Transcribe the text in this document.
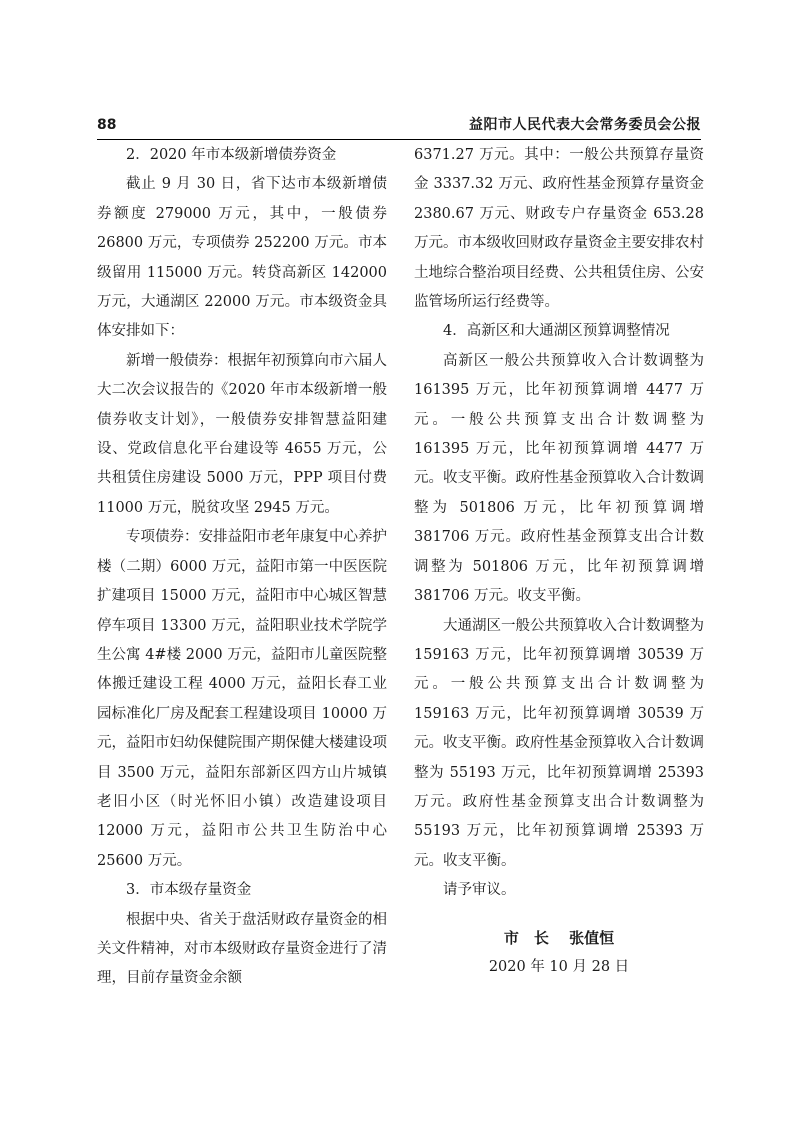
88	益阳市人民代表大会常务委员会公报

2．2020 年市本级新增债券资金

截止 9 月 30 日，省下达市本级新增债券额度 279000 万元，其中，一般债券 26800 万元，专项债券 252200 万元。市本级留用 115000 万元。转贷高新区 142000 万元，大通湖区 22000 万元。市本级资金具体安排如下：

新增一般债券：根据年初预算向市六届人大二次会议报告的《2020 年市本级新增一般债券收支计划》，一般债券安排智慧益阳建设、党政信息化平台建设等 4655 万元，公共租赁住房建设 5000 万元，PPP 项目付费 11000 万元，脱贫攻坚 2945 万元。

专项债券：安排益阳市老年康复中心养护楼（二期）6000 万元，益阳市第一中医医院扩建项目 15000 万元，益阳市中心城区智慧停车项目 13300 万元，益阳职业技术学院学生公寓 4#楼 2000 万元，益阳市儿童医院整体搬迁建设工程 4000 万元，益阳长春工业园标准化厂房及配套工程建设项目 10000 万元，益阳市妇幼保健院围产期保健大楼建设项目 3500 万元，益阳东部新区四方山片城镇老旧小区（时光怀旧小镇）改造建设项目 12000 万元，益阳市公共卫生防治中心 25600 万元。

3．市本级存量资金

根据中央、省关于盘活财政存量资金的相关文件精神，对市本级财政存量资金进行了清理，目前存量资金余额

6371.27 万元。其中：一般公共预算存量资金 3337.32 万元、政府性基金预算存量资金 2380.67 万元、财政专户存量资金 653.28 万元。市本级收回财政存量资金主要安排农村土地综合整治项目经费、公共租赁住房、公安监管场所运行经费等。

4．高新区和大通湖区预算调整情况

高新区一般公共预算收入合计数调整为 161395 万元，比年初预算调增 4477 万元。一般公共预算支出合计数调整为 161395 万元，比年初预算调增 4477 万元。收支平衡。政府性基金预算收入合计数调整为 501806 万元，比年初预算调增 381706 万元。政府性基金预算支出合计数调整为 501806 万元，比年初预算调增 381706 万元。收支平衡。

大通湖区一般公共预算收入合计数调整为 159163 万元，比年初预算调增 30539 万元。一般公共预算支出合计数调整为 159163 万元，比年初预算调增 30539 万元。收支平衡。政府性基金预算收入合计数调整为 55193 万元，比年初预算调增 25393 万元。政府性基金预算支出合计数调整为 55193 万元，比年初预算调增 25393 万元。收支平衡。

请予审议。

市　长　 张值恒

2020 年 10 月 28 日
